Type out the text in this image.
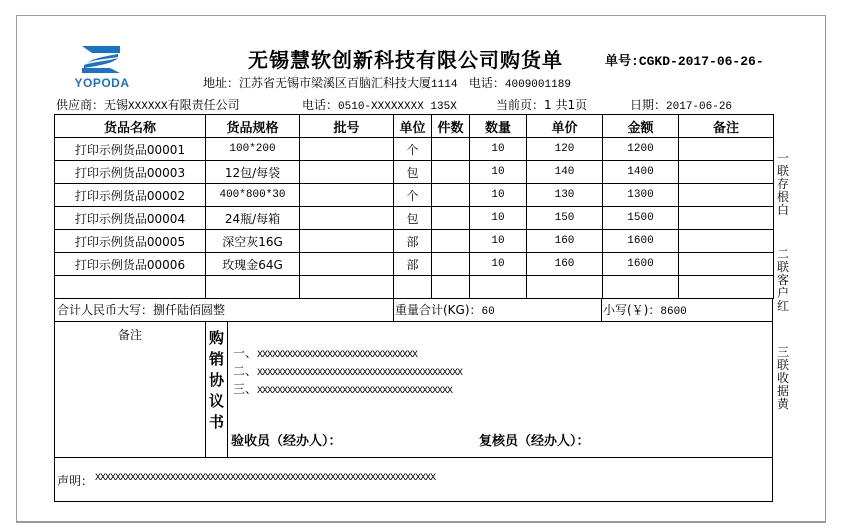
YOPODA
无锡慧软创新科技有限公司购货单	单号:CGKD-2017-06-26-
地址：江苏省无锡市梁溪区百脑汇科技大厦1114 电话：4009001189
供应商：无锡XXXXXX有限责任公司	电话：0510-XXXXXXXX 135X	当前页：1 共1页	日期：2017-06-26
货品名称	货品规格	批号	单位	件数	数量	单价	金额	备注
打印示例货品00001	100*200		个		10	120	1200	
打印示例货品00003	12包/每袋		包		10	140	1400	
打印示例货品00002	400*800*30		个		10	130	1300	
打印示例货品00004	24瓶/每箱		包		10	150	1500	
打印示例货品00005	深空灰16G		部		10	160	1600	
打印示例货品00006	玫瑰金64G		部		10	160	1600	

合计人民币大写：捌仟陆佰圆整	重量合计(KG)：60	小写(￥)：8600
备注	购
销
协
议
书
一、XXXXXXXXXXXXXXXXXXXXXXXXXXXXXXXX
二、XXXXXXXXXXXXXXXXXXXXXXXXXXXXXXXXXXXXXXXXX
三、XXXXXXXXXXXXXXXXXXXXXXXXXXXXXXXXXXXXXXX
验收员（经办人）：	复核员（经办人）：
声明： XXXXXXXXXXXXXXXXXXXXXXXXXXXXXXXXXXXXXXXXXXXXXXXXXXXXXXXXXXXXXXXXXXXX
一联存根白
二联客户红
三联收据黄
